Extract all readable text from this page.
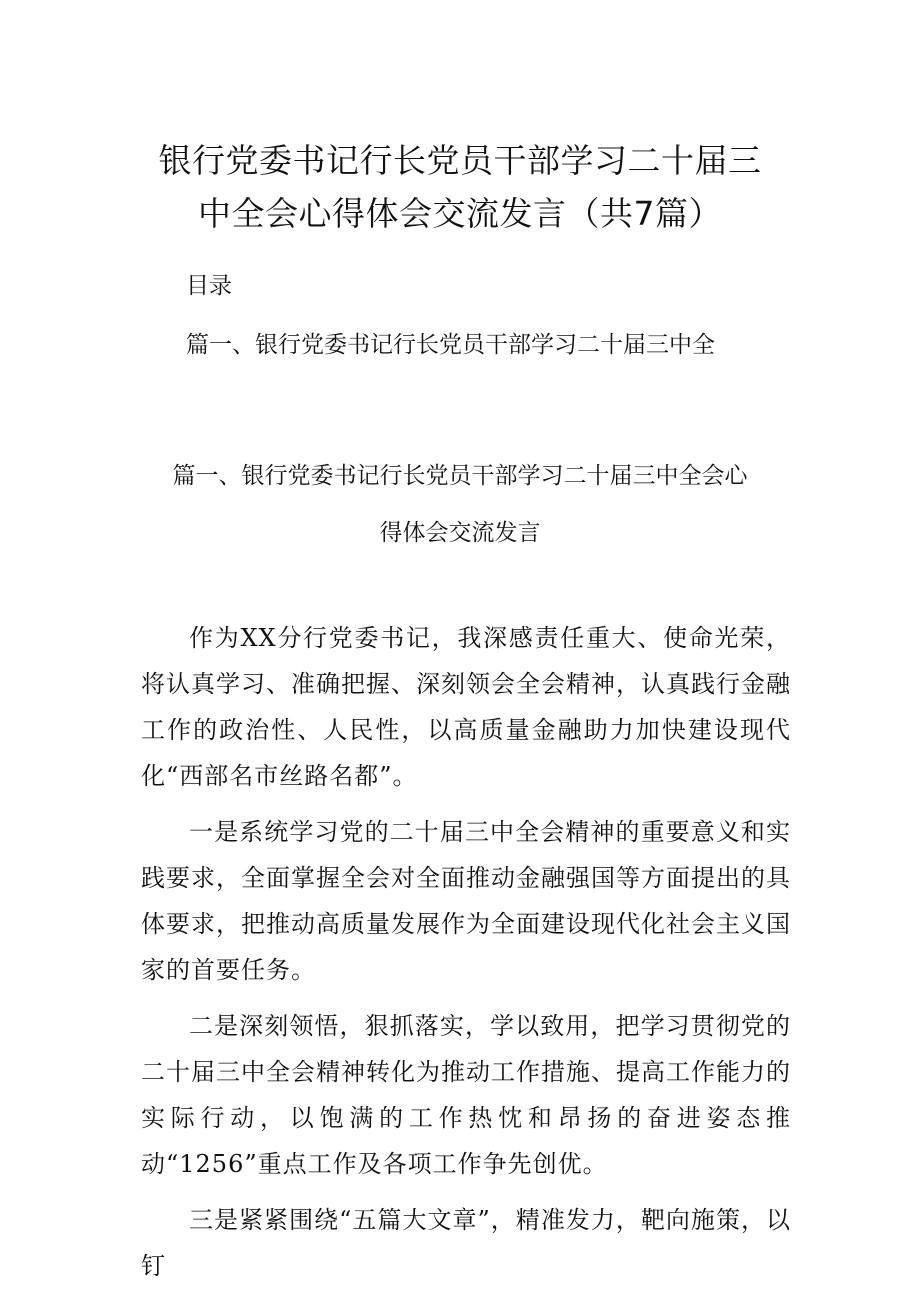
银行党委书记行长党员干部学习二十届三
中全会心得体会交流发言（共7篇）
目录
篇一、银行党委书记行长党员干部学习二十届三中全
篇一、银行党委书记行长党员干部学习二十届三中全会心
得体会交流发言

作为XX分行党委书记，我深感责任重大、使命光荣，将认真学习、准确把握、深刻领会全会精神，认真践行金融工作的政治性、人民性，以高质量金融助力加快建设现代化“西部名市丝路名都”。

一是系统学习党的二十届三中全会精神的重要意义和实践要求，全面掌握全会对全面推动金融强国等方面提出的具体要求，把推动高质量发展作为全面建设现代化社会主义国家的首要任务。

二是深刻领悟，狠抓落实，学以致用，把学习贯彻党的二十届三中全会精神转化为推动工作措施、提高工作能力的实际行动，以饱满的工作热忱和昂扬的奋进姿态推动“1256”重点工作及各项工作争先创优。

三是紧紧围绕“五篇大文章”，精准发力，靶向施策，以钉
